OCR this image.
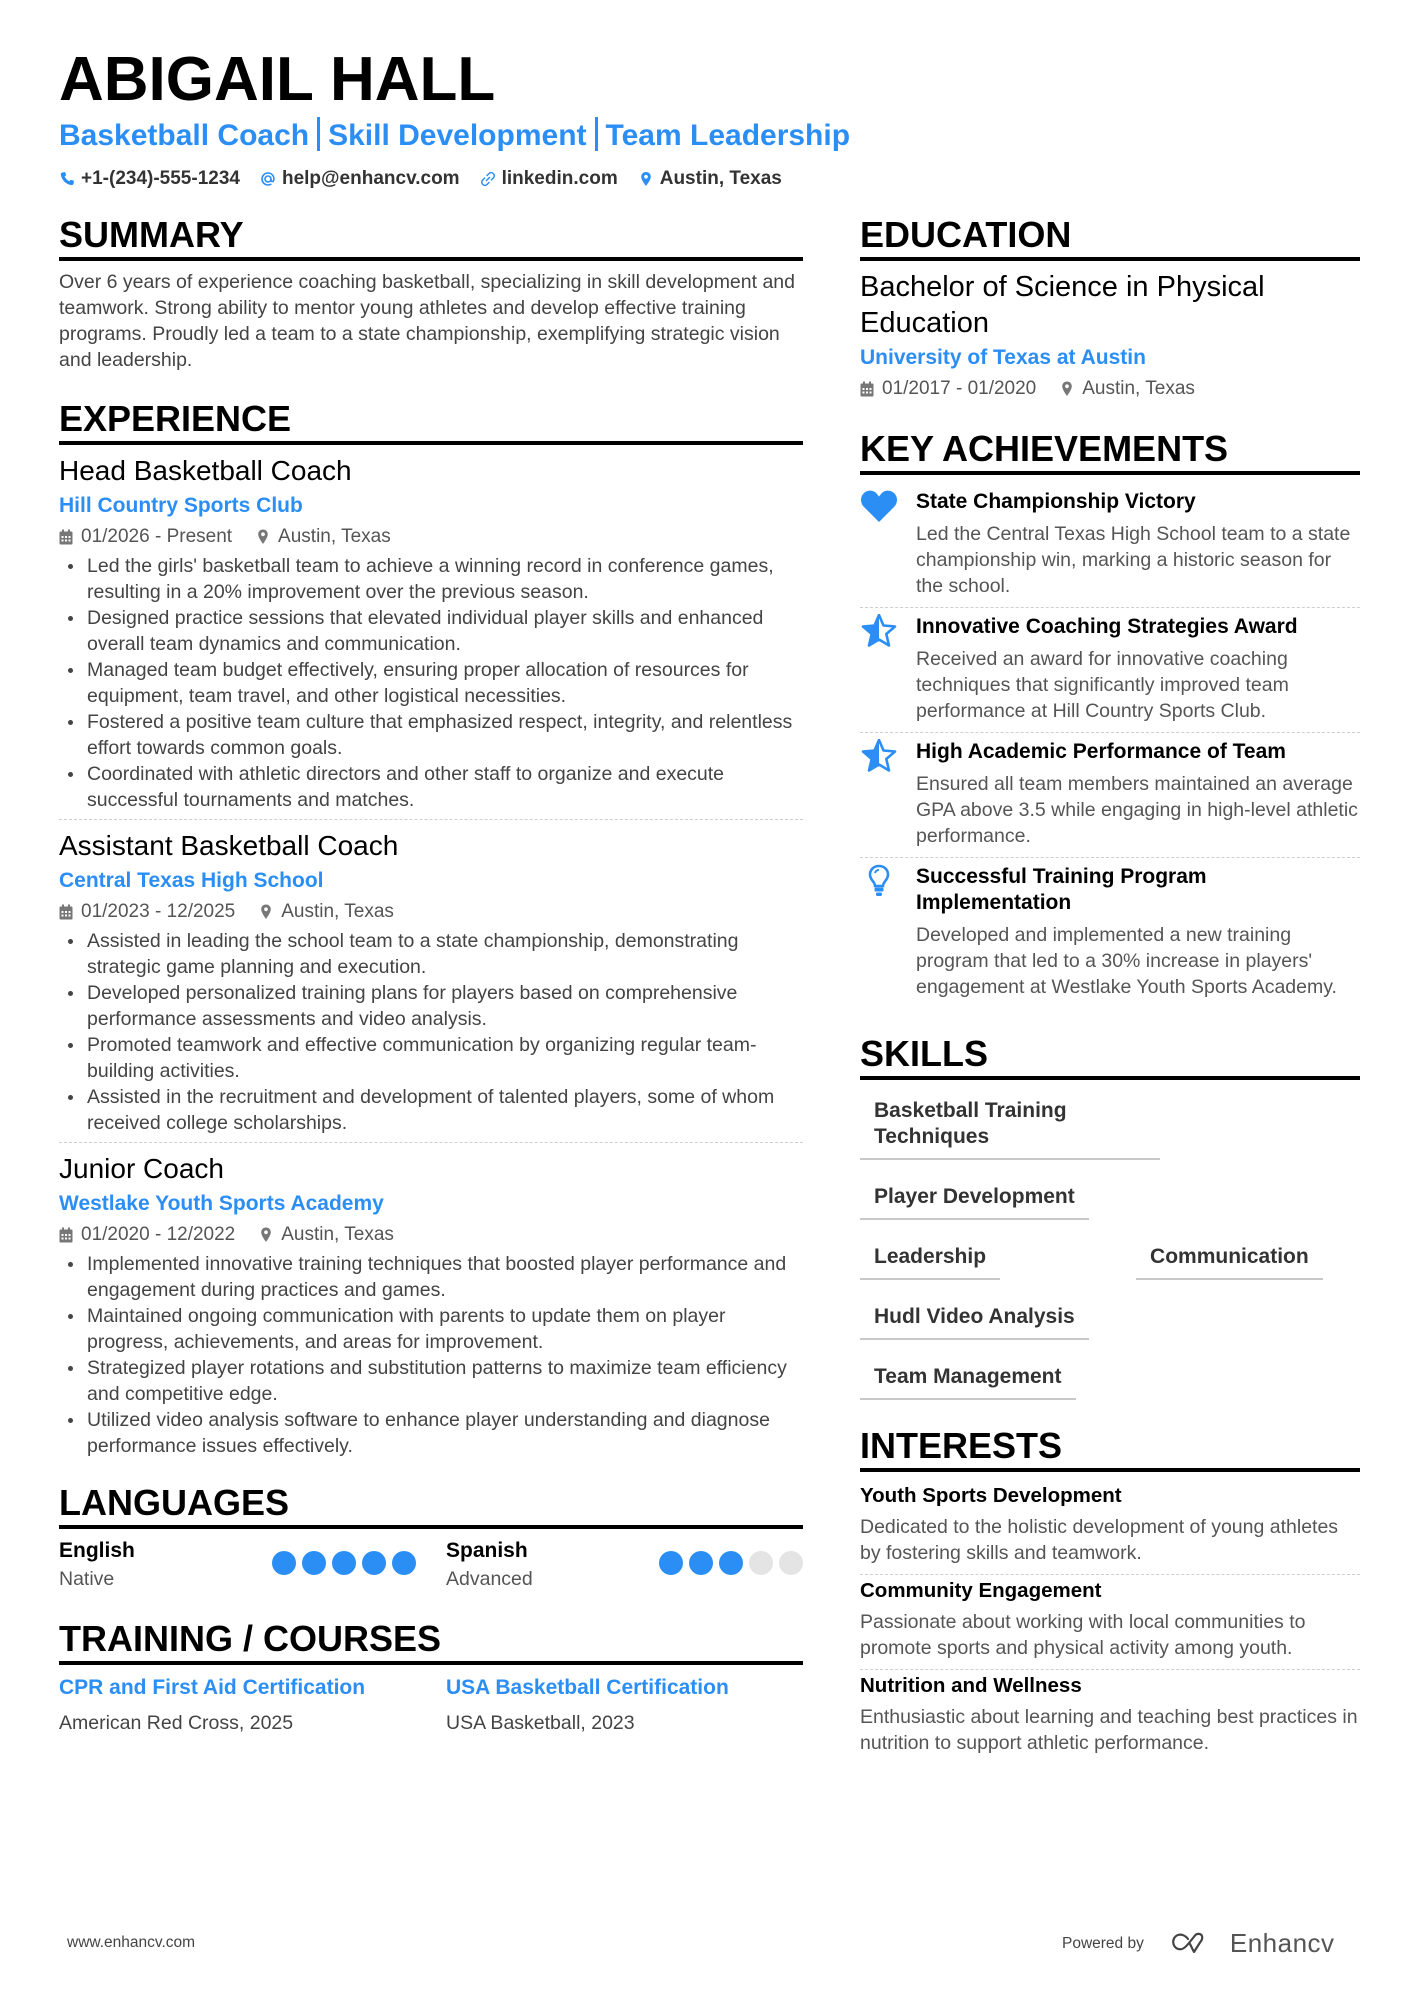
ABIGAIL HALL
Basketball Coach Skill Development Team Leadership
+1-(234)-555-1234 help@enhancv.com linkedin.com Austin, Texas
SUMMARY

Over 6 years of experience coaching basketball, specializing in skill development and teamwork. Strong ability to mentor young athletes and develop effective training programs. Proudly led a team to a state championship, exemplifying strategic vision and leadership.

EXPERIENCE
Head Basketball Coach
Hill Country Sports Club
01/2026 - Present Austin, Texas
Led the girls' basketball team to achieve a winning record in conference games, resulting in a 20% improvement over the previous season.
Designed practice sessions that elevated individual player skills and enhanced overall team dynamics and communication.
Managed team budget effectively, ensuring proper allocation of resources for equipment, team travel, and other logistical necessities.
Fostered a positive team culture that emphasized respect, integrity, and relentless effort towards common goals.
Coordinated with athletic directors and other staff to organize and execute successful tournaments and matches.
Assistant Basketball Coach
Central Texas High School
01/2023 - 12/2025 Austin, Texas
Assisted in leading the school team to a state championship, demonstrating strategic game planning and execution.
Developed personalized training plans for players based on comprehensive performance assessments and video analysis.
Promoted teamwork and effective communication by organizing regular team-building activities.
Assisted in the recruitment and development of talented players, some of whom received college scholarships.
Junior Coach
Westlake Youth Sports Academy
01/2020 - 12/2022 Austin, Texas
Implemented innovative training techniques that boosted player performance and engagement during practices and games.
Maintained ongoing communication with parents to update them on player progress, achievements, and areas for improvement.
Strategized player rotations and substitution patterns to maximize team efficiency and competitive edge.
Utilized video analysis software to enhance player understanding and diagnose performance issues effectively.
LANGUAGES
English
Native
Spanish
Advanced
TRAINING / COURSES
CPR and First Aid Certification
American Red Cross, 2025
USA Basketball Certification
USA Basketball, 2023
EDUCATION
Bachelor of Science in Physical Education
University of Texas at Austin
01/2017 - 01/2020 Austin, Texas
KEY ACHIEVEMENTS
State Championship Victory
Led the Central Texas High School team to a state championship win, marking a historic season for the school.
Innovative Coaching Strategies Award
Received an award for innovative coaching techniques that significantly improved team performance at Hill Country Sports Club.
High Academic Performance of Team
Ensured all team members maintained an average GPA above 3.5 while engaging in high-level athletic performance.
Successful Training Program Implementation
Developed and implemented a new training program that led to a 30% increase in players' engagement at Westlake Youth Sports Academy.
SKILLS
Basketball Training Techniques
Player Development
Leadership	Communication
Hudl Video Analysis
Team Management
INTERESTS
Youth Sports Development
Dedicated to the holistic development of young athletes by fostering skills and teamwork.
Community Engagement
Passionate about working with local communities to promote sports and physical activity among youth.
Nutrition and Wellness
Enthusiastic about learning and teaching best practices in nutrition to support athletic performance.
www.enhancv.com	Powered by	Enhancv
